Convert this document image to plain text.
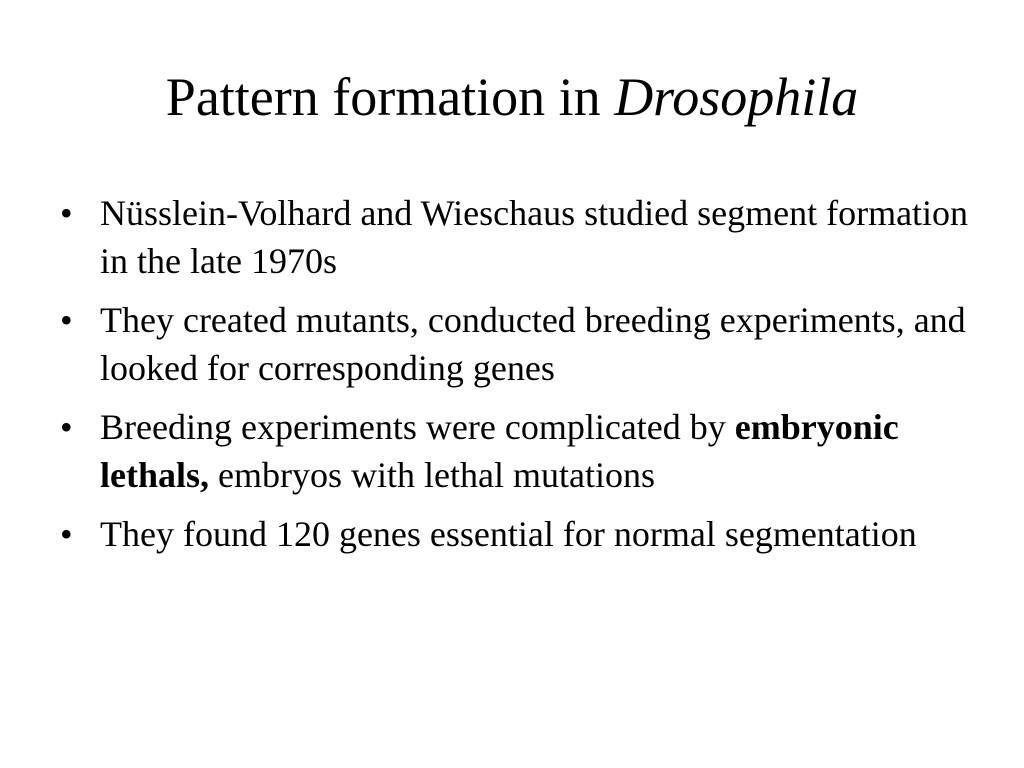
Pattern formation in Drosophila
• Nüsslein-Volhard and Wieschaus studied segment formation in the late 1970s
• They created mutants, conducted breeding experiments, and looked for corresponding genes
• Breeding experiments were complicated by embryonic lethals, embryos with lethal mutations
• They found 120 genes essential for normal segmentation
